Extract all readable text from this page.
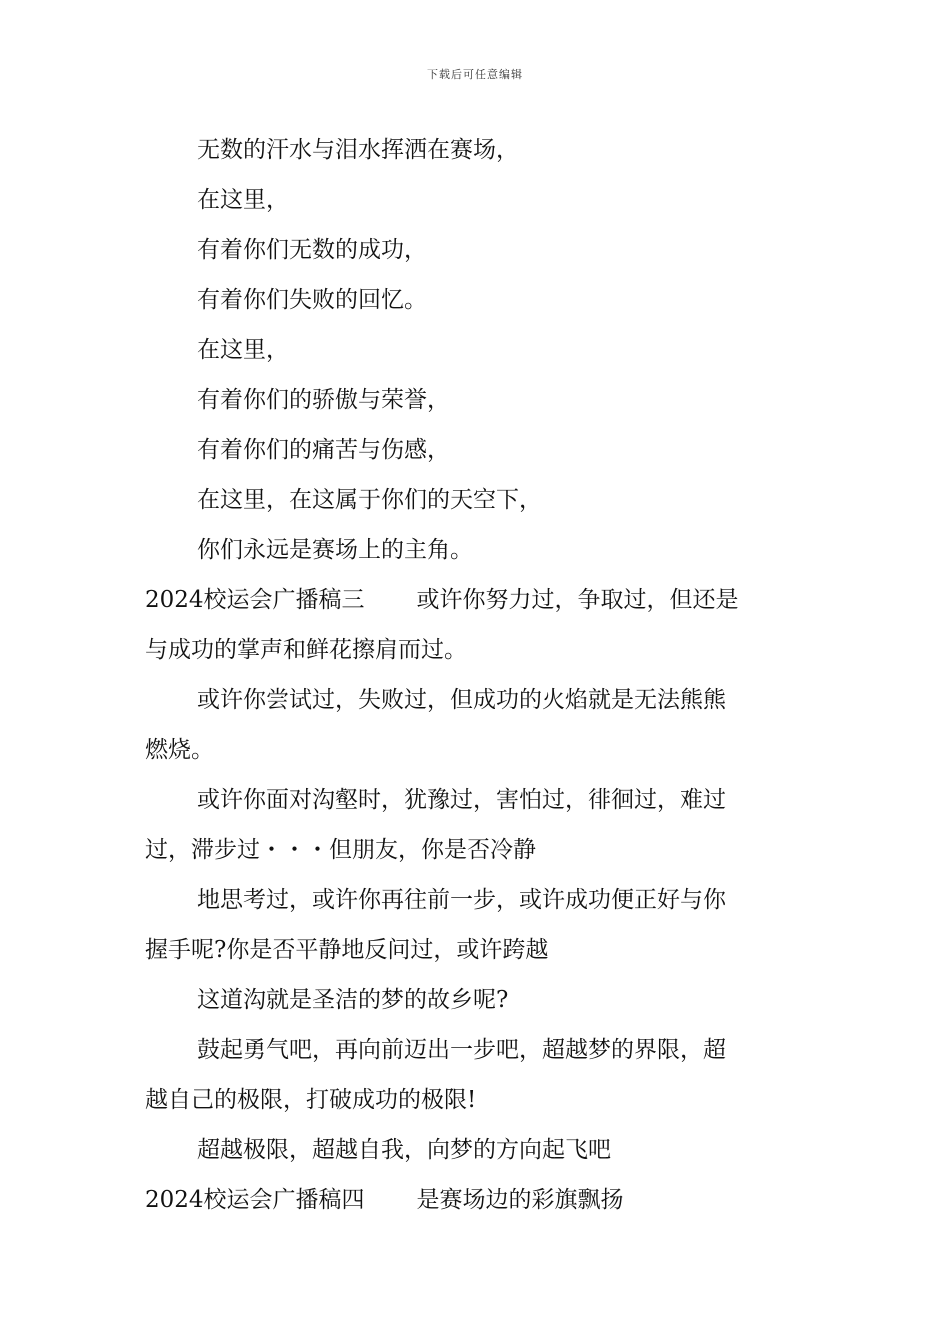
下载后可任意编辑
无数的汗水与泪水挥洒在赛场，
在这里，
有着你们无数的成功，
有着你们失败的回忆。
在这里，
有着你们的骄傲与荣誉，
有着你们的痛苦与伤感，
在这里，在这属于你们的天空下，
你们永远是赛场上的主角。
2024校运会广播稿三 或许你努力过，争取过，但还是
与成功的掌声和鲜花擦肩而过。
或许你尝试过，失败过，但成功的火焰就是无法熊熊
燃烧。
或许你面对沟壑时，犹豫过，害怕过，徘徊过，难过
过，滞步过・・・但朋友，你是否冷静
地思考过，或许你再往前一步，或许成功便正好与你
握手呢?你是否平静地反问过，或许跨越
这道沟就是圣洁的梦的故乡呢?
鼓起勇气吧，再向前迈出一步吧，超越梦的界限，超
越自己的极限，打破成功的极限!
超越极限，超越自我，向梦的方向起飞吧
2024校运会广播稿四 是赛场边的彩旗飘扬
